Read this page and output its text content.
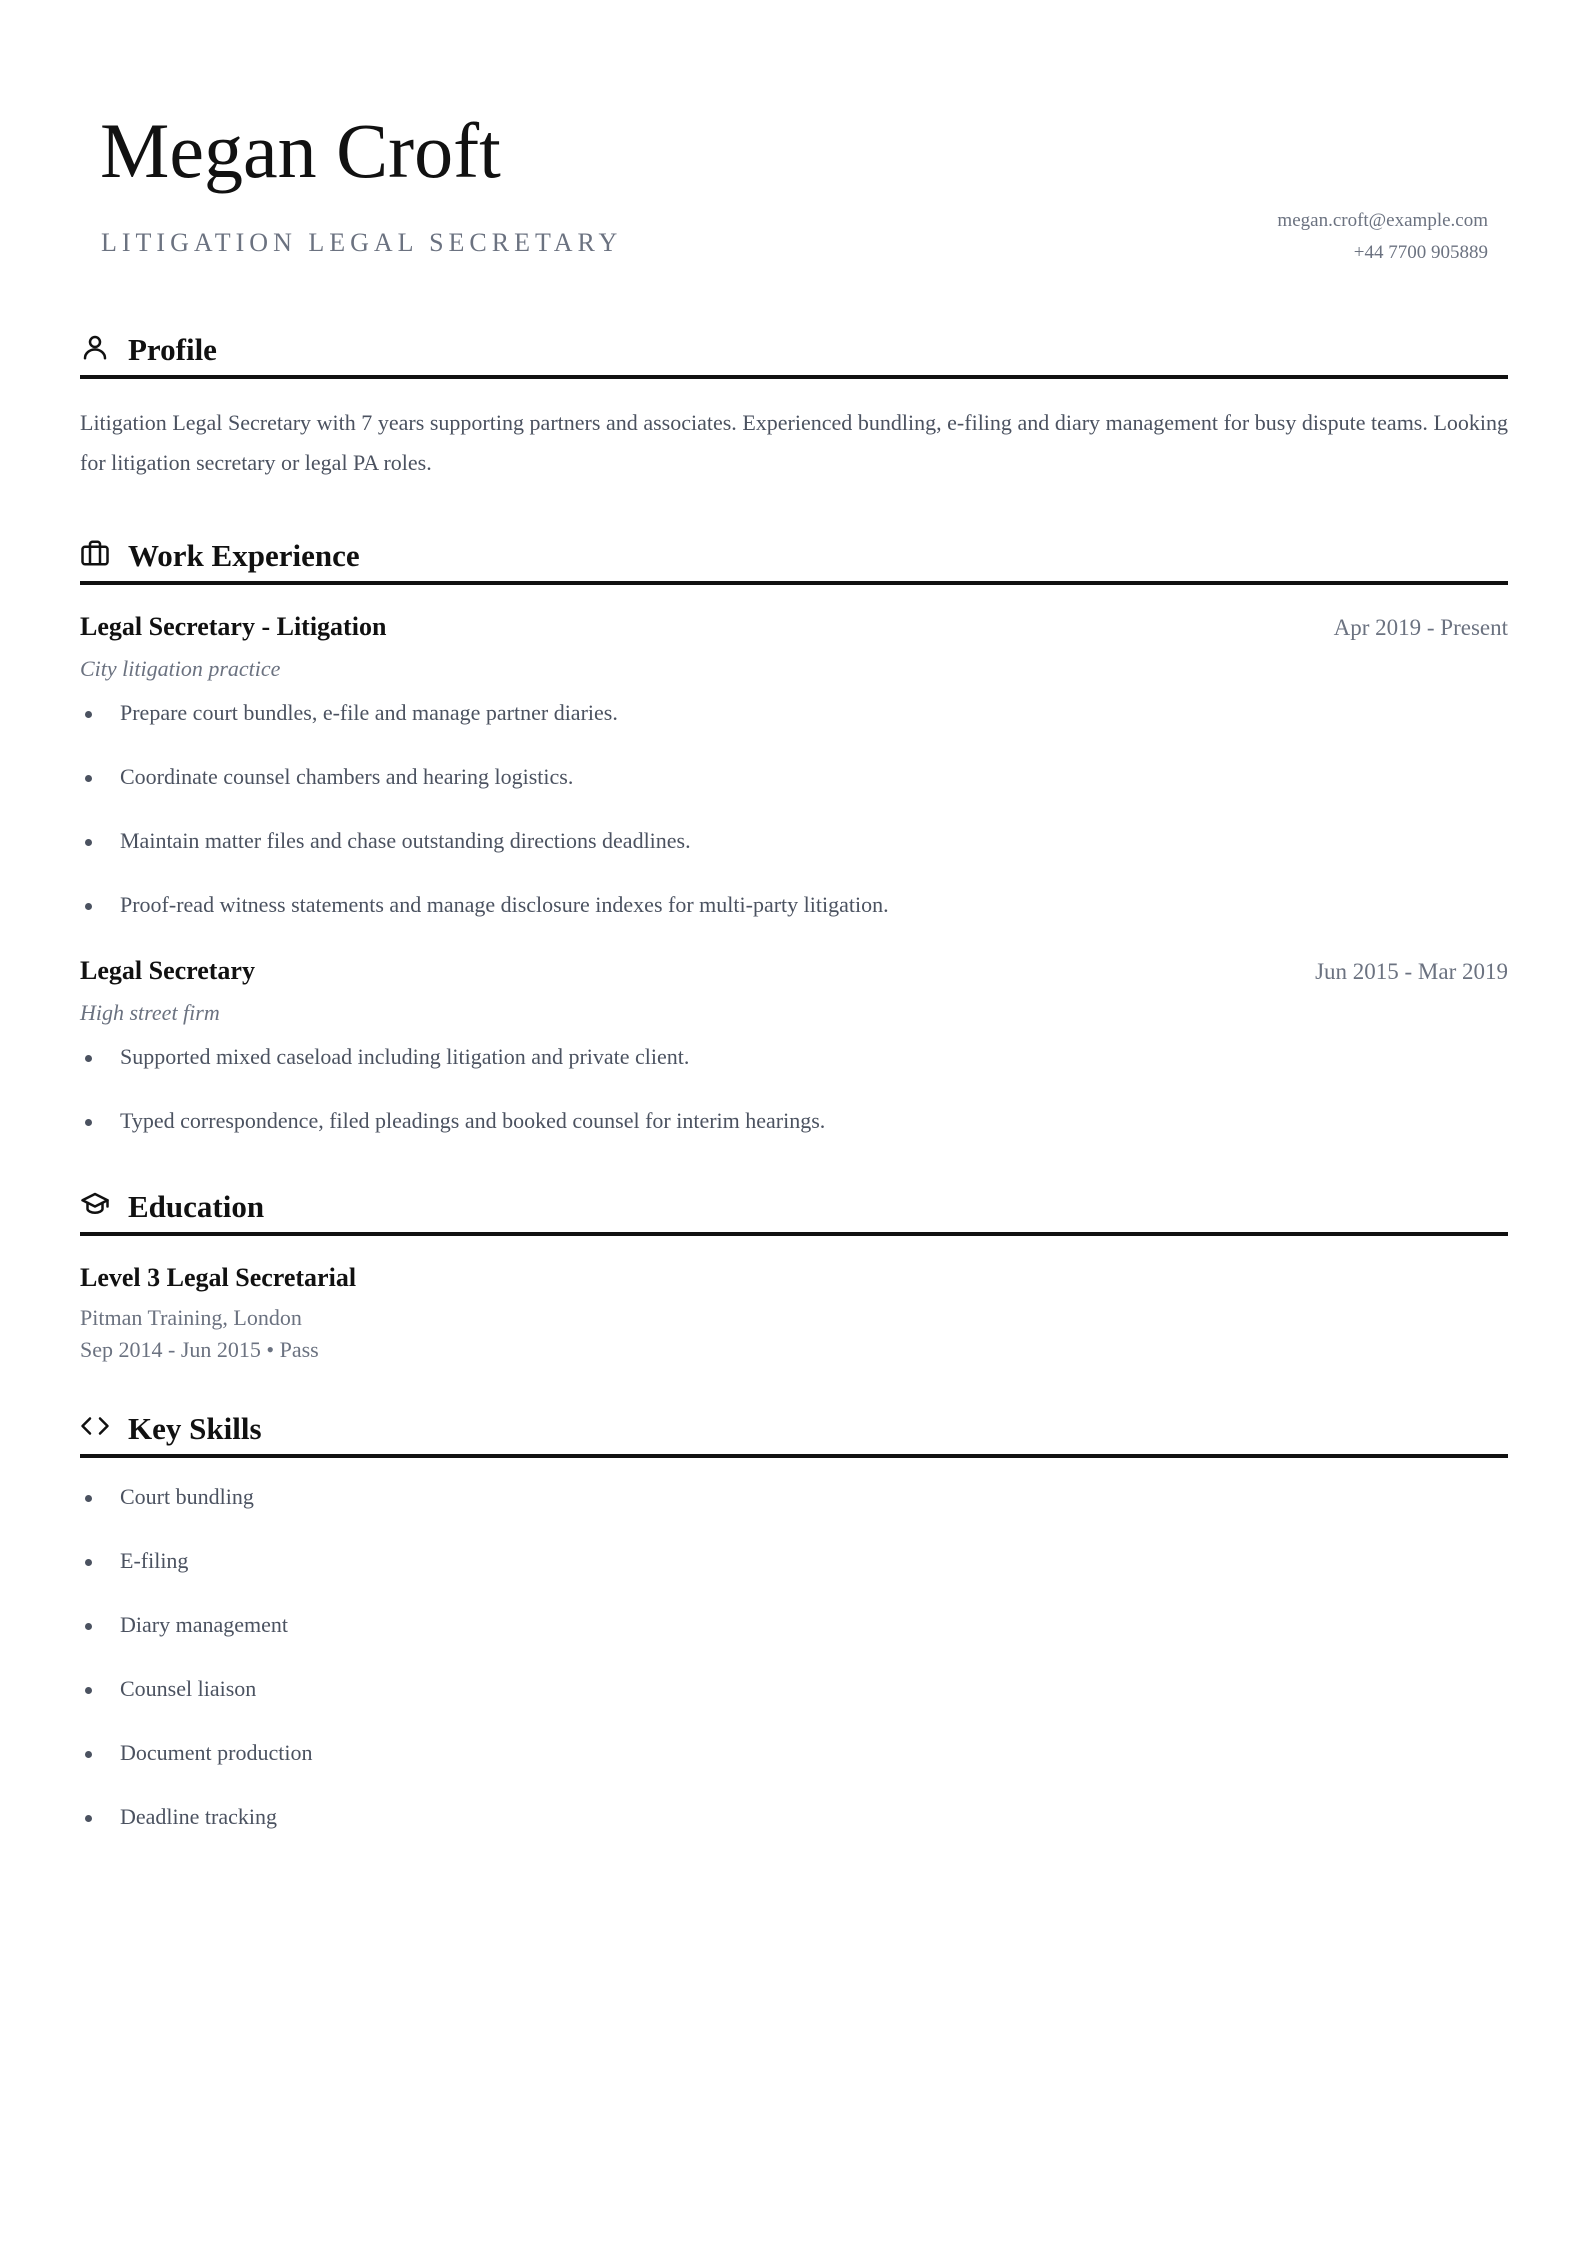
Megan Croft
LITIGATION LEGAL SECRETARY
megan.croft@example.com
+44 7700 905889
Profile

Litigation Legal Secretary with 7 years supporting partners and associates. Experienced bundling, e-filing and diary management for busy dispute teams. Looking for litigation secretary or legal PA roles.

Work Experience
Legal Secretary - Litigation	Apr 2019 - Present
City litigation practice
Prepare court bundles, e-file and manage partner diaries.
Coordinate counsel chambers and hearing logistics.
Maintain matter files and chase outstanding directions deadlines.
Proof-read witness statements and manage disclosure indexes for multi-party litigation.
Legal Secretary	Jun 2015 - Mar 2019
High street firm
Supported mixed caseload including litigation and private client.
Typed correspondence, filed pleadings and booked counsel for interim hearings.
Education
Level 3 Legal Secretarial
Pitman Training, London
Sep 2014 - Jun 2015 • Pass
Key Skills
Court bundling
E-filing
Diary management
Counsel liaison
Document production
Deadline tracking
